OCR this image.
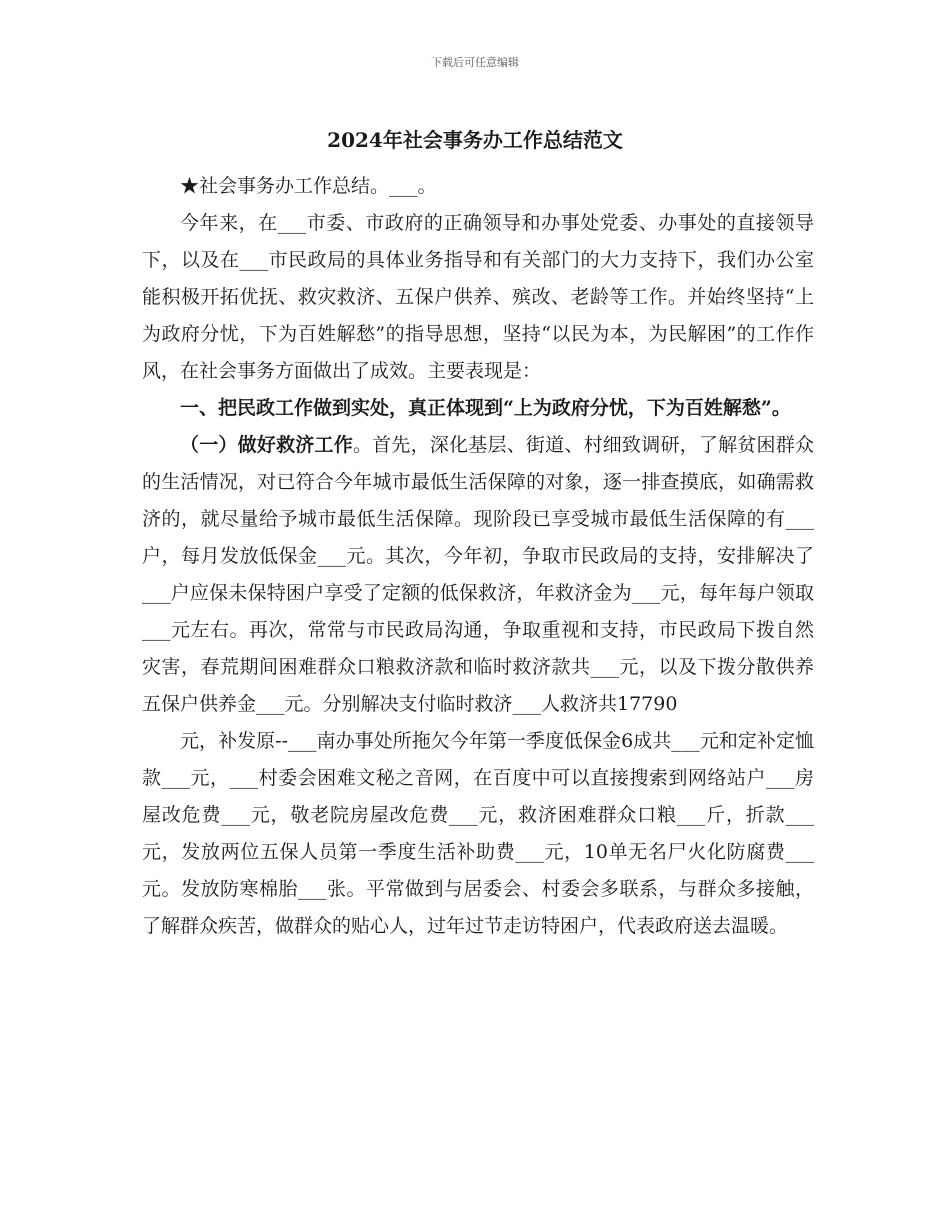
下载后可任意编辑
2024年社会事务办工作总结范文

★社会事务办工作总结。___。

今年来，在___市委、市政府的正确领导和办事处党委、办事处的直接领导下，以及在___市民政局的具体业务指导和有关部门的大力支持下，我们办公室能积极开拓优抚、救灾救济、五保户供养、殡改、老龄等工作。并始终坚持“上为政府分忧，下为百姓解愁”的指导思想，坚持“以民为本，为民解困”的工作作风，在社会事务方面做出了成效。主要表现是：

一、把民政工作做到实处，真正体现到“上为政府分忧，下为百姓解愁”。

（一）做好救济工作。首先，深化基层、街道、村细致调研，了解贫困群众的生活情况，对已符合今年城市最低生活保障的对象，逐一排查摸底，如确需救济的，就尽量给予城市最低生活保障。现阶段已享受城市最低生活保障的有___户，每月发放低保金___元。其次，今年初，争取市民政局的支持，安排解决了___户应保未保特困户享受了定额的低保救济，年救济金为___元，每年每户领取___元左右。再次，常常与市民政局沟通，争取重视和支持，市民政局下拨自然灾害，春荒期间困难群众口粮救济款和临时救济款共___元，以及下拨分散供养五保户供养金___元。分别解决支付临时救济___人救济共17790

元，补发原--___南办事处所拖欠今年第一季度低保金6成共___元和定补定恤款___元，___村委会困难文秘之音网，在百度中可以直接搜索到网络站户___房屋改危费___元，敬老院房屋改危费___元，救济困难群众口粮___斤，折款___元，发放两位五保人员第一季度生活补助费___元，10单无名尸火化防腐费___元。发放防寒棉胎___张。平常做到与居委会、村委会多联系，与群众多接触，了解群众疾苦，做群众的贴心人，过年过节走访特困户，代表政府送去温暖。
